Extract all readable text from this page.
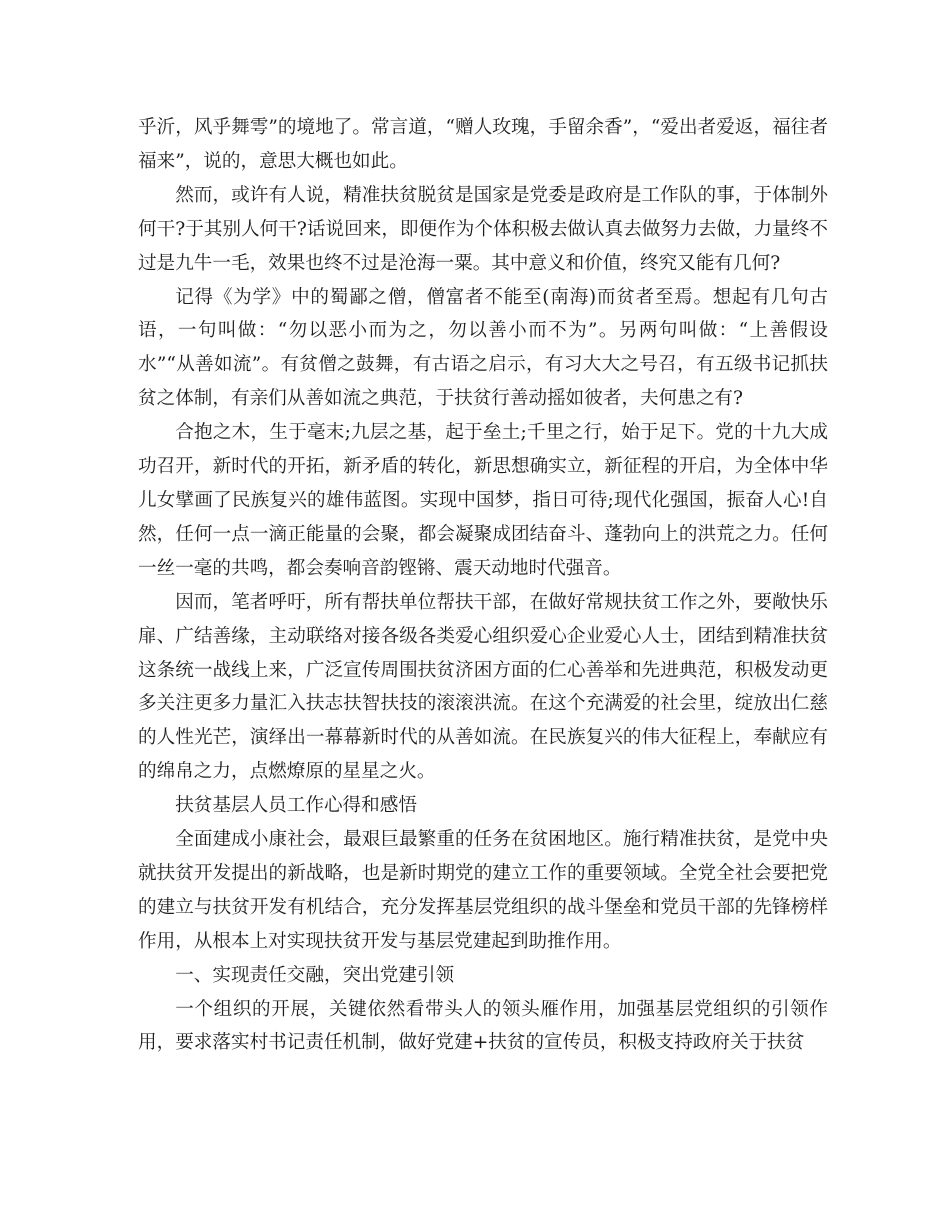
乎沂，风乎舞雩”的境地了。常言道，“赠人玫瑰，手留余香”，“爱出者爱返，福往者福来”，说的，意思大概也如此。

然而，或许有人说，精准扶贫脱贫是国家是党委是政府是工作队的事，于体制外何干?于其别人何干?话说回来，即便作为个体积极去做认真去做努力去做，力量终不过是九牛一毛，效果也终不过是沧海一粟。其中意义和价值，终究又能有几何?

记得《为学》中的蜀鄙之僧，僧富者不能至(南海)而贫者至焉。想起有几句古语，一句叫做：“勿以恶小而为之，勿以善小而不为”。另两句叫做：“上善假设水”“从善如流”。有贫僧之鼓舞，有古语之启示，有习大大之号召，有五级书记抓扶贫之体制，有亲们从善如流之典范，于扶贫行善动摇如彼者，夫何患之有?

合抱之木，生于毫末;九层之基，起于垒土;千里之行，始于足下。党的十九大成功召开，新时代的开拓，新矛盾的转化，新思想确实立，新征程的开启，为全体中华儿女擘画了民族复兴的雄伟蓝图。实现中国梦，指日可待;现代化强国，振奋人心!自然，任何一点一滴正能量的会聚，都会凝聚成团结奋斗、蓬勃向上的洪荒之力。任何一丝一毫的共鸣，都会奏响音韵铿锵、震天动地时代强音。

因而，笔者呼吁，所有帮扶单位帮扶干部，在做好常规扶贫工作之外，要敞快乐扉、广结善缘，主动联络对接各级各类爱心组织爱心企业爱心人士，团结到精准扶贫这条统一战线上来，广泛宣传周围扶贫济困方面的仁心善举和先进典范，积极发动更多关注更多力量汇入扶志扶智扶技的滚滚洪流。在这个充满爱的社会里，绽放出仁慈的人性光芒，演绎出一幕幕新时代的从善如流。在民族复兴的伟大征程上，奉献应有的绵帛之力，点燃燎原的星星之火。

扶贫基层人员工作心得和感悟

全面建成小康社会，最艰巨最繁重的任务在贫困地区。施行精准扶贫，是党中央就扶贫开发提出的新战略，也是新时期党的建立工作的重要领域。全党全社会要把党的建立与扶贫开发有机结合，充分发挥基层党组织的战斗堡垒和党员干部的先锋榜样作用，从根本上对实现扶贫开发与基层党建起到助推作用。

一、实现责任交融，突出党建引领

一个组织的开展，关键依然看带头人的领头雁作用，加强基层党组织的引领作用，要求落实村书记责任机制，做好党建+扶贫的宣传员，积极支持政府关于扶贫
